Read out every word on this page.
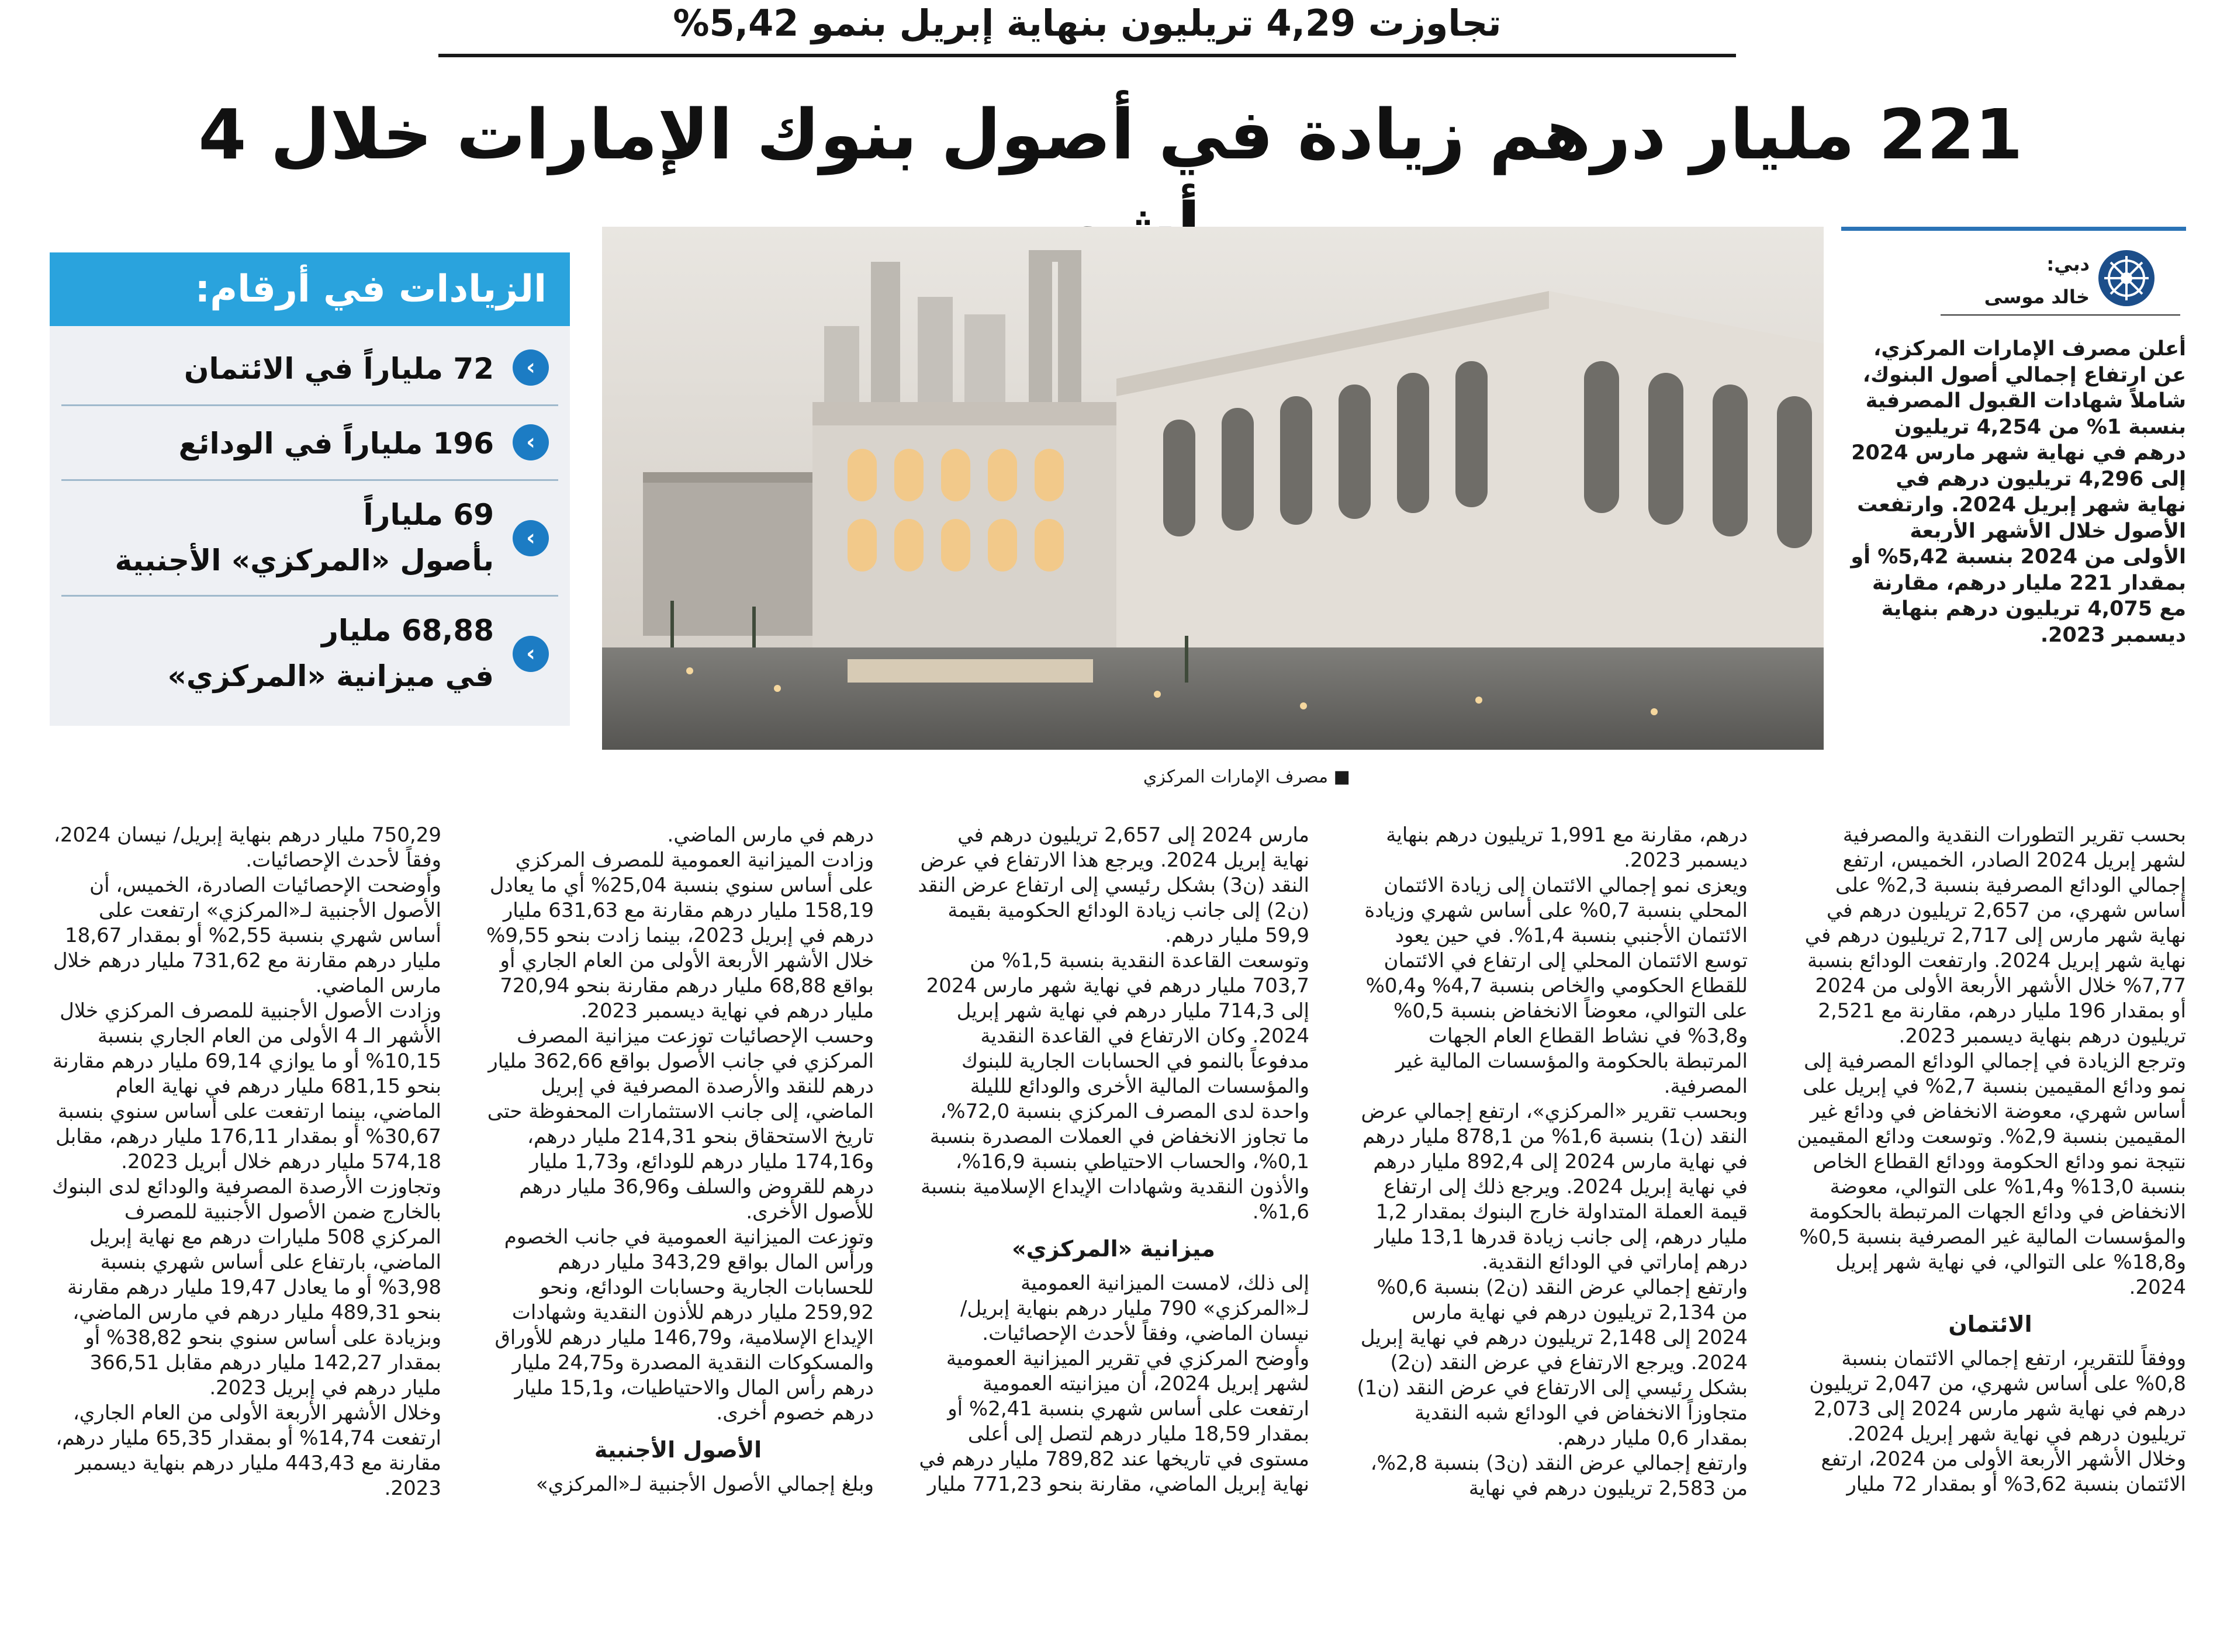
تجاوزت 4,29 تريليون بنهاية إبريل بنمو 5,42%
221 مليار درهم زيادة في أصول بنوك الإمارات خلال 4
الزيادات في أرقام:
‹
72 ملياراً في الائتمان
‹
196 ملياراً في الودائع
‹
69 ملياراً
بأصول «المركزي» الأجنبية
‹
68,88 مليار
في ميزانية «المركزي»
■ مصرف الإمارات المركزي
دبي:
خالد موسى
أعلن مصرف الإمارات المركزي، عن ارتفاع إجمالي أصول البنوك، شاملاً شهادات القبول المصرفية بنسبة 1% من 4,254 تريليون درهم في نهاية شهر مارس 2024 إلى 4,296 تريليون درهم في نهاية شهر إبريل 2024. وارتفعت الأصول خلال الأشهر الأربعة الأولى من 2024 بنسبة 5,42% أو بمقدار 221 مليار درهم، مقارنة مع 4,075 تريليون درهم بنهاية ديسمبر 2023.

بحسب تقرير التطورات النقدية والمصرفية لشهر إبريل 2024 الصادر، الخميس، ارتفع إجمالي الودائع المصرفية بنسبة 2,3% على أساس شهري، من 2,657 تريليون درهم في نهاية شهر مارس إلى 2,717 تريليون درهم في نهاية شهر إبريل 2024. وارتفعت الودائع بنسبة 7,77% خلال الأشهر الأربعة الأولى من 2024 أو بمقدار 196 مليار درهم، مقارنة مع 2,521 تريليون درهم بنهاية ديسمبر 2023.

وترجع الزيادة في إجمالي الودائع المصرفية إلى نمو ودائع المقيمين بنسبة 2,7% في إبريل على أساس شهري، معوضة الانخفاض في ودائع غير المقيمين بنسبة 2,9%. وتوسعت ودائع المقيمين نتيجة نمو ودائع الحكومة وودائع القطاع الخاص بنسبة 13,0% و1,4% على التوالي، معوضة الانخفاض في ودائع الجهات المرتبطة بالحكومة والمؤسسات المالية غير المصرفية بنسبة 0,5% و18,8% على التوالي، في نهاية شهر إبريل 2024.

الائتمان

ووفقاً للتقرير، ارتفع إجمالي الائتمان بنسبة 0,8% على أساس شهري، من 2,047 تريليون درهم في نهاية شهر مارس 2024 إلى 2,073 تريليون درهم في نهاية شهر إبريل 2024. وخلال الأشهر الأربعة الأولى من 2024، ارتفع الائتمان بنسبة 3,62% أو بمقدار 72 مليار

درهم، مقارنة مع 1,991 تريليون درهم بنهاية ديسمبر 2023.

ويعزى نمو إجمالي الائتمان إلى زيادة الائتمان المحلي بنسبة 0,7% على أساس شهري وزيادة الائتمان الأجنبي بنسبة 1,4%. في حين يعود توسع الائتمان المحلي إلى ارتفاع في الائتمان للقطاع الحكومي والخاص بنسبة 4,7% و0,4% على التوالي، معوضاً الانخفاض بنسبة 0,5% و3,8% في نشاط القطاع العام الجهات المرتبطة بالحكومة والمؤسسات المالية غير المصرفية.

وبحسب تقرير «المركزي»، ارتفع إجمالي عرض النقد (ن1) بنسبة 1,6% من 878,1 مليار درهم في نهاية مارس 2024 إلى 892,4 مليار درهم في نهاية إبريل 2024. ويرجع ذلك إلى ارتفاع قيمة العملة المتداولة خارج البنوك بمقدار 1,2 مليار درهم، إلى جانب زيادة قدرها 13,1 مليار درهم إماراتي في الودائع النقدية.

وارتفع إجمالي عرض النقد (ن2) بنسبة 0,6% من 2,134 تريليون درهم في نهاية مارس 2024 إلى 2,148 تريليون درهم في نهاية إبريل 2024. ويرجع الارتفاع في عرض النقد (ن2) بشكل رئيسي إلى الارتفاع في عرض النقد (ن1) متجاوزاً الانخفاض في الودائع شبه النقدية بمقدار 0,6 مليار درهم.

وارتفع إجمالي عرض النقد (ن3) بنسبة 2,8%، من 2,583 تريليون درهم في نهاية

مارس 2024 إلى 2,657 تريليون درهم في نهاية إبريل 2024. ويرجع هذا الارتفاع في عرض النقد (ن3) بشكل رئيسي إلى ارتفاع عرض النقد (ن2) إلى جانب زيادة الودائع الحكومية بقيمة 59,9 مليار درهم.

وتوسعت القاعدة النقدية بنسبة 1,5% من 703,7 مليار درهم في نهاية شهر مارس 2024 إلى 714,3 مليار درهم في نهاية شهر إبريل 2024. وكان الارتفاع في القاعدة النقدية مدفوعاً بالنمو في الحسابات الجارية للبنوك والمؤسسات المالية الأخرى والودائع للليلة واحدة لدى المصرف المركزي بنسبة 72,0%، ما تجاوز الانخفاض في العملات المصدرة بنسبة 0,1%، والحساب الاحتياطي بنسبة 16,9%، والأذون النقدية وشهادات الإيداع الإسلامية بنسبة 1,6%.

ميزانية «المركزي»

إلى ذلك، لامست الميزانية العمومية لـ«المركزي» 790 مليار درهم بنهاية إبريل/ نيسان الماضي، وفقاً لأحدث الإحصائيات.

وأوضح المركزي في تقرير الميزانية العمومية لشهر إبريل 2024، أن ميزانيته العمومية ارتفعت على أساس شهري بنسبة 2,41% أو بمقدار 18,59 مليار درهم لتصل إلى أعلى مستوى في تاريخها عند 789,82 مليار درهم في نهاية إبريل الماضي، مقارنة بنحو 771,23 مليار

درهم في مارس الماضي.

وزادت الميزانية العمومية للمصرف المركزي على أساس سنوي بنسبة 25,04% أي ما يعادل 158,19 مليار درهم مقارنة مع 631,63 مليار درهم في إبريل 2023، بينما زادت بنحو 9,55% خلال الأشهر الأربعة الأولى من العام الجاري أو بواقع 68,88 مليار درهم مقارنة بنحو 720,94 مليار درهم في نهاية ديسمبر 2023.

وحسب الإحصائيات توزعت ميزانية المصرف المركزي في جانب الأصول بواقع 362,66 مليار درهم للنقد والأرصدة المصرفية في إبريل الماضي، إلى جانب الاستثمارات المحفوظة حتى تاريخ الاستحقاق بنحو 214,31 مليار درهم، و174,16 مليار درهم للودائع، و1,73 مليار درهم للقروض والسلف و36,96 مليار درهم للأصول الأخرى.

وتوزعت الميزانية العمومية في جانب الخصوم ورأس المال بواقع 343,29 مليار درهم للحسابات الجارية وحسابات الودائع، ونحو 259,92 مليار درهم للأذون النقدية وشهادات الإيداع الإسلامية، و146,79 مليار درهم للأوراق والمسكوكات النقدية المصدرة و24,75 مليار درهم رأس المال والاحتياطيات، و15,1 مليار درهم خصوم أخرى.

الأصول الأجنبية

وبلغ إجمالي الأصول الأجنبية لـ«المركزي»

750,29 مليار درهم بنهاية إبريل/ نيسان 2024، وفقاً لأحدث الإحصائيات.

وأوضحت الإحصائيات الصادرة، الخميس، أن الأصول الأجنبية لـ«المركزي» ارتفعت على أساس شهري بنسبة 2,55% أو بمقدار 18,67 مليار درهم مقارنة مع 731,62 مليار درهم خلال مارس الماضي.

وزادت الأصول الأجنبية للمصرف المركزي خلال الأشهر الـ 4 الأولى من العام الجاري بنسبة 10,15% أو ما يوازي 69,14 مليار درهم مقارنة بنحو 681,15 مليار درهم في نهاية العام الماضي، بينما ارتفعت على أساس سنوي بنسبة 30,67% أو بمقدار 176,11 مليار درهم، مقابل 574,18 مليار درهم خلال أبريل 2023.

وتجاوزت الأرصدة المصرفية والودائع لدى البنوك بالخارج ضمن الأصول الأجنبية للمصرف المركزي 508 مليارات درهم مع نهاية إبريل الماضي، بارتفاع على أساس شهري بنسبة 3,98% أو ما يعادل 19,47 مليار درهم مقارنة بنحو 489,31 مليار درهم في مارس الماضي، وبزيادة على أساس سنوي بنحو 38,82% أو بمقدار 142,27 مليار درهم مقابل 366,51 مليار درهم في إبريل 2023.

وخلال الأشهر الأربعة الأولى من العام الجاري، ارتفعت 14,74% أو بمقدار 65,35 مليار درهم، مقارنة مع 443,43 مليار درهم بنهاية ديسمبر 2023.
